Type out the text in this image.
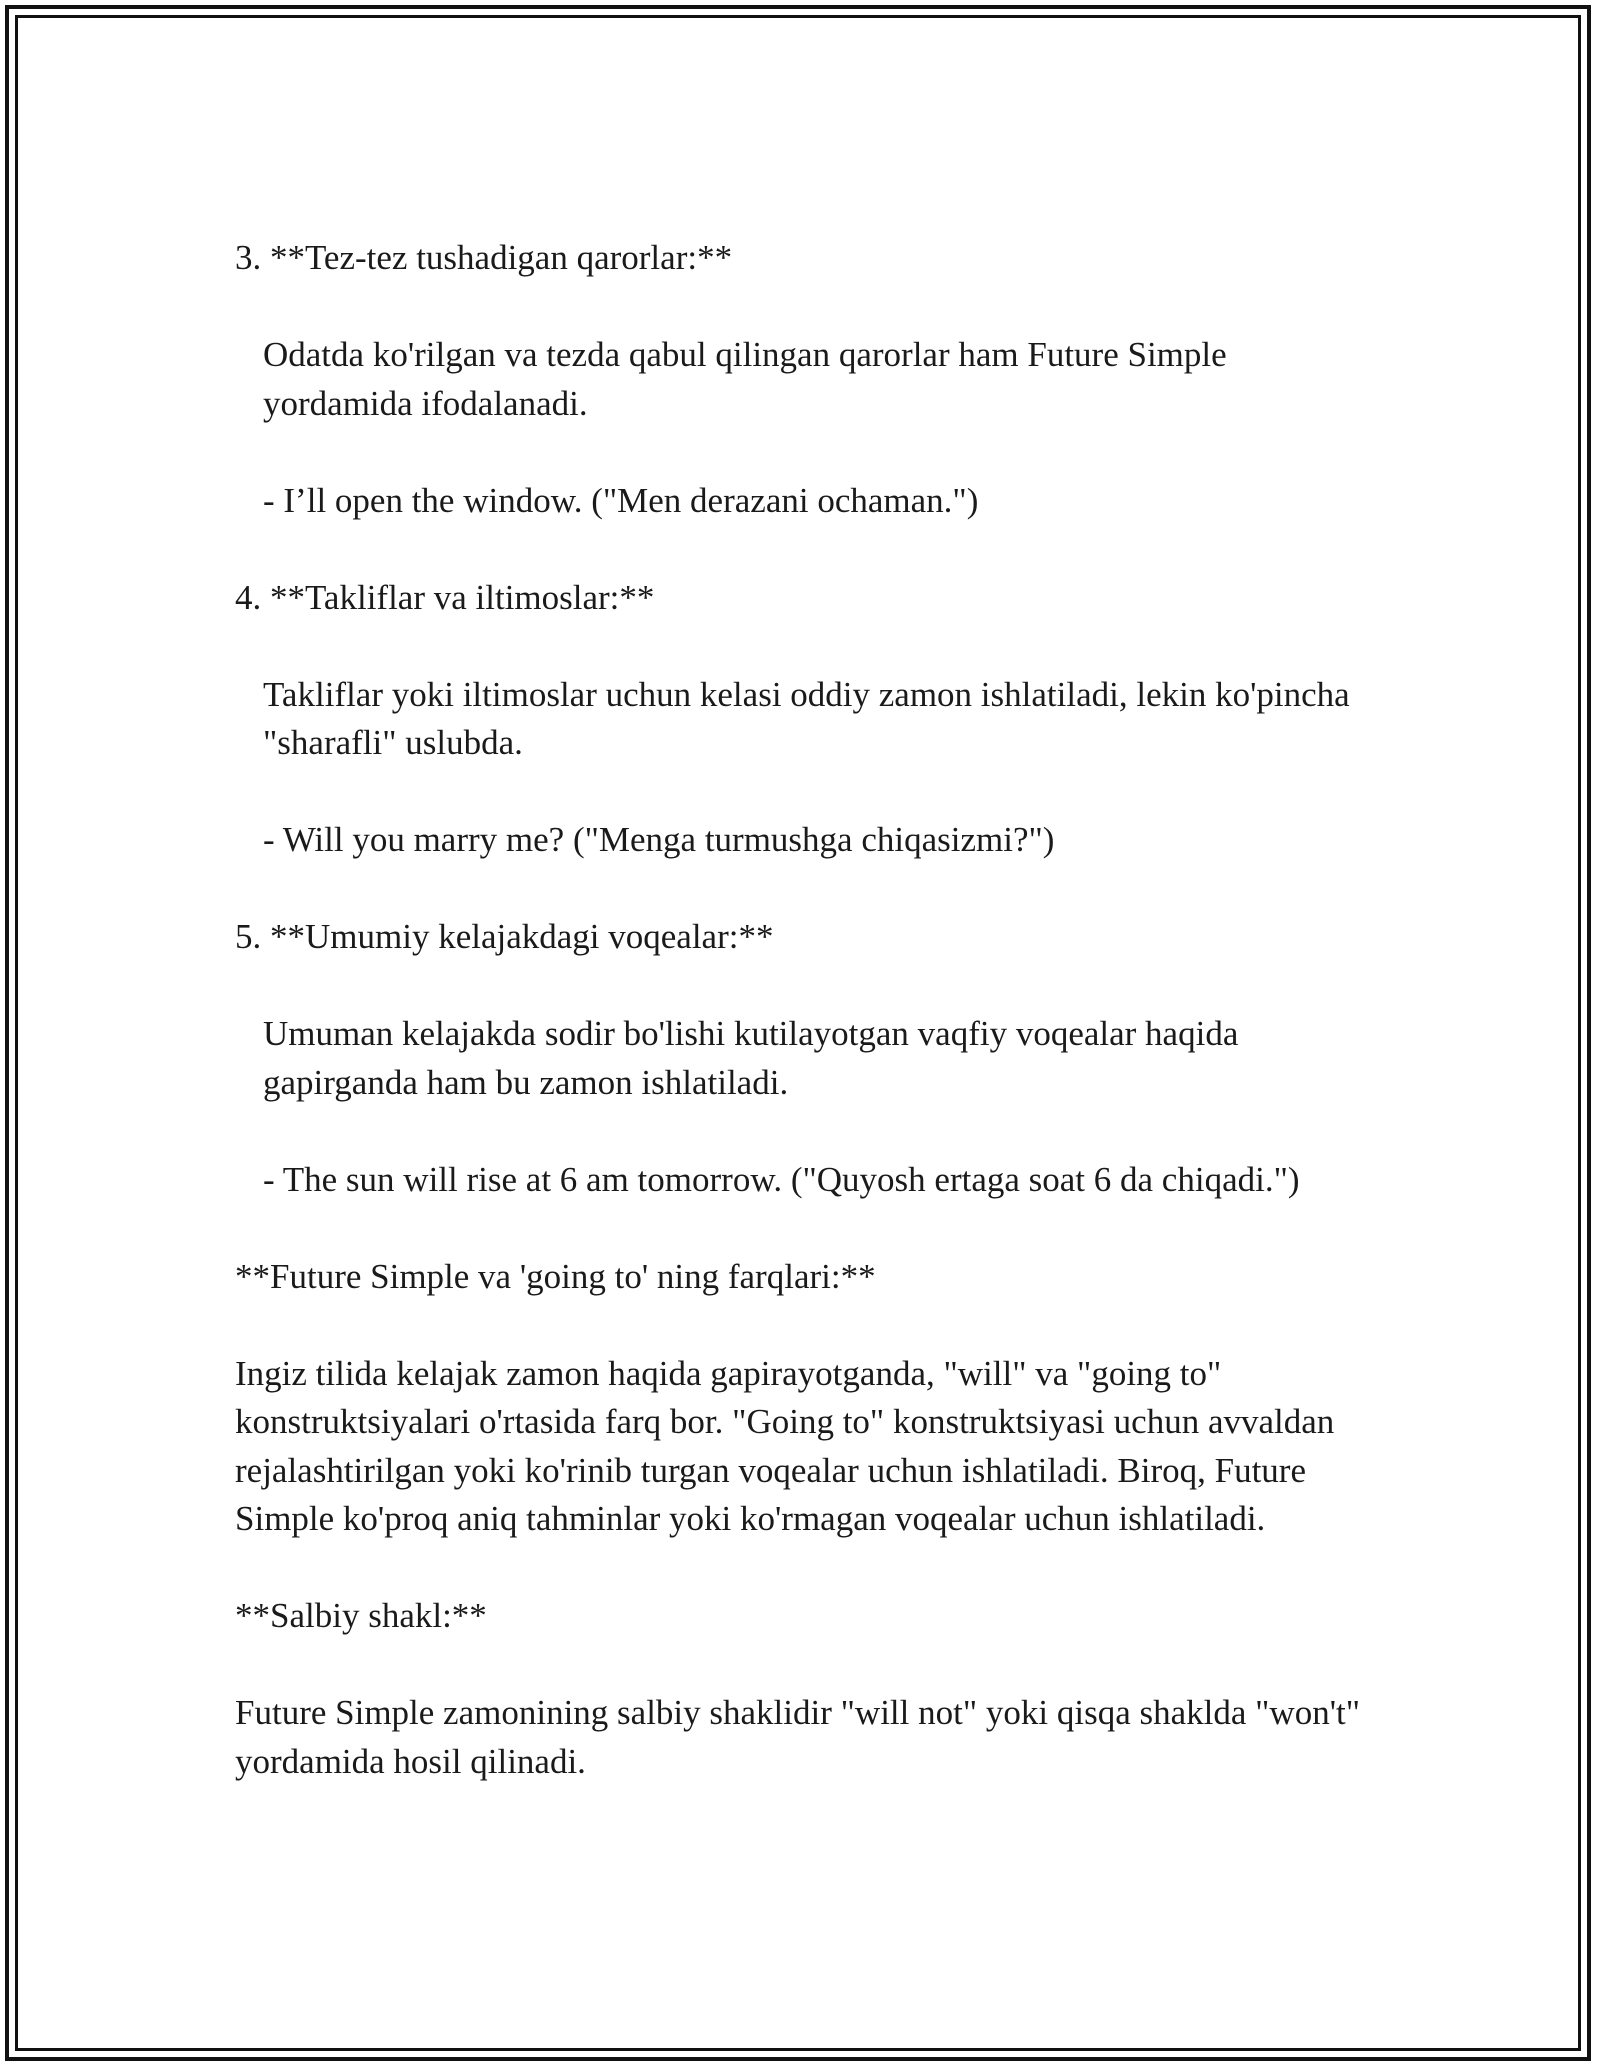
3. **Tez-tez tushadigan qarorlar:**

Odatda ko'rilgan va tezda qabul qilingan qarorlar ham Future Simple yordamida ifodalanadi.

- I’ll open the window. ("Men derazani ochaman.")

4. **Takliflar va iltimoslar:**

Takliflar yoki iltimoslar uchun kelasi oddiy zamon ishlatiladi, lekin ko'pincha "sharafli" uslubda.

- Will you marry me? ("Menga turmushga chiqasizmi?")

5. **Umumiy kelajakdagi voqealar:**

Umuman kelajakda sodir bo'lishi kutilayotgan vaqfiy voqealar haqida gapirganda ham bu zamon ishlatiladi.

- The sun will rise at 6 am tomorrow. ("Quyosh ertaga soat 6 da chiqadi.")

**Future Simple va 'going to' ning farqlari:**

Ingiz tilida kelajak zamon haqida gapirayotganda, "will" va "going to" konstruktsiyalari o'rtasida farq bor. "Going to" konstruktsiyasi uchun avvaldan rejalashtirilgan yoki ko'rinib turgan voqealar uchun ishlatiladi. Biroq, Future Simple ko'proq aniq tahminlar yoki ko'rmagan voqealar uchun ishlatiladi.

**Salbiy shakl:**

Future Simple zamonining salbiy shaklidir "will not" yoki qisqa shaklda "won't" yordamida hosil qilinadi.
